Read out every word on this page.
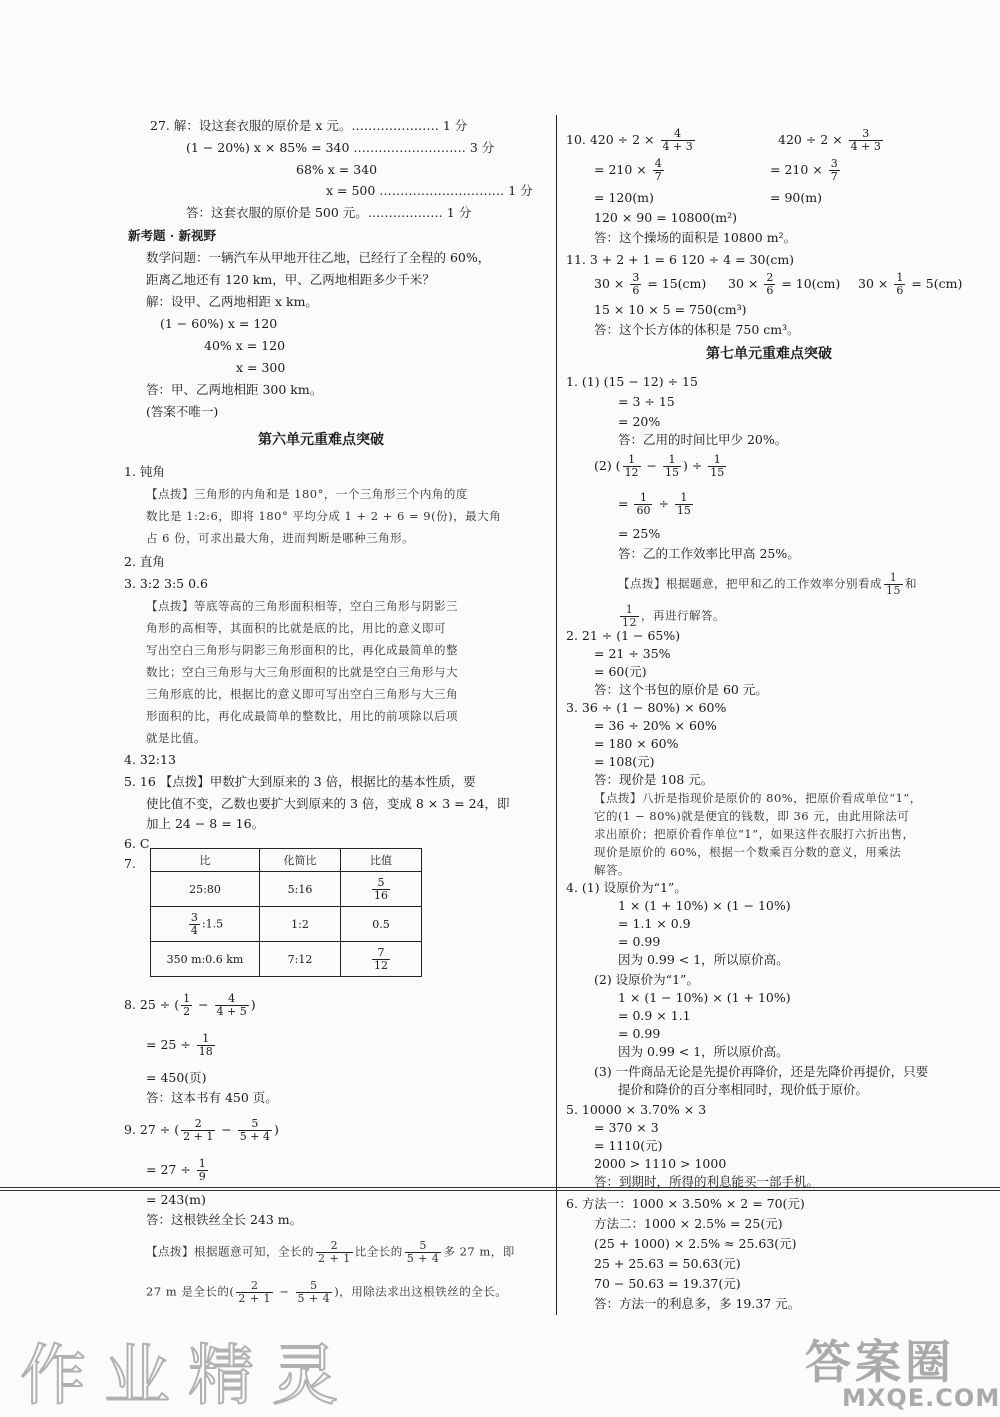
27. 解：设这套衣服的原价是 x 元。………………… 1 分
(1 − 20%) x × 85% = 340 ……………………… 3 分
68% x = 340
x = 500 ………………………… 1 分
答：这套衣服的原价是 500 元。……………… 1 分
新考题 · 新视野
数学问题：一辆汽车从甲地开往乙地，已经行了全程的 60%，
距离乙地还有 120 km，甲、乙两地相距多少千米？
解：设甲、乙两地相距 x km。
(1 − 60%) x = 120
40% x = 120
x = 300
答：甲、乙两地相距 300 km。
(答案不唯一)
第六单元重难点突破
1. 钝角
【点拨】三角形的内角和是 180°，一个三角形三个内角的度
数比是 1:2:6，即将 180° 平均分成 1 + 2 + 6 = 9(份)，最大角
占 6 份，可求出最大角，进而判断是哪种三角形。
2. 直角
3. 3:2 3:5 0.6
【点拨】等底等高的三角形面积相等，空白三角形与阴影三
角形的高相等，其面积的比就是底的比，用比的意义即可
写出空白三角形与阴影三角形面积的比，再化成最简单的整
数比；空白三角形与大三角形面积的比就是空白三角形与大
三角形底的比，根据比的意义即可写出空白三角形与大三角
形面积的比，再化成最简单的整数比，用比的前项除以后项
就是比值。
4. 32:13
5. 16 【点拨】甲数扩大到原来的 3 倍，根据比的基本性质，要
使比值不变，乙数也要扩大到原来的 3 倍，变成 8 × 3 = 24，即
加上 24 − 8 = 16。
6. C
7.	比	化简比	比值
25:80	5:16	$\frac{5}{16}$

$\frac{3}{4}$ :1.5	1:2	0.5
350 m:0.6 km	7:12	$\frac{7}{12}$
8. 25 ÷ ( $\frac{1}{2} - \frac{4}{4 + 5}$ )
= $25 \div \frac{1}{18}$
= 450(页)
答：这本书有 450 页。
9. 27 ÷ ( $\frac{2}{2 + 1} - \frac{5}{5 + 4}$ )
= $27 \div \frac{1}{9}$
= 243(m)
答：这根铁丝全长 243 m。
【点拨】根据题意可知，全长的 $\frac{2}{2 + 1}$ 比全长的 $\frac{5}{5 + 4}$ 多 27 m，即
27 m 是全长的( $\frac{2}{2 + 1} - \frac{5}{5 + 4}$ )，用除法求出这根铁丝的全长。
10. $420 \div 2 \times \frac{4}{4 + 3}$	$420 \div 2 \times \frac{3}{4 + 3}$
= $210 \times \frac{4}{7}$	= $210 \times \frac{3}{7}$
= 120(m)	= 90(m)
120 × 90 = 10800(m²)
答：这个操场的面积是 10800 m²。
11. 3 + 2 + 1 = 6 120 ÷ 4 = 30(cm)
$30 \times \frac{3}{6} = 15(cm) 30 \times \frac{2}{6} = 10(cm) 30 \times \frac{1}{6} = 5(cm)$
15 × 10 × 5 = 750(cm³)
答：这个长方体的体积是 750 cm³。
第七单元重难点突破
1. (1) (15 − 12) ÷ 15
= 3 ÷ 15
= 20%
答：乙用的时间比甲少 20%。
(2) ( $\frac{1}{12} - \frac{1}{15}$ ) ÷ $\frac{1}{15}$
= $\frac{1}{60} \div \frac{1}{15}$
= 25%
答：乙的工作效率比甲高 25%。
【点拨】根据题意，把甲和乙的工作效率分别看成 $\frac{1}{15}$ 和
$\frac{1}{12}$ ，再进行解答。
2. 21 ÷ (1 − 65%)
= 21 ÷ 35%
= 60(元)
答：这个书包的原价是 60 元。
3. 36 ÷ (1 − 80%) × 60%
= 36 ÷ 20% × 60%
= 180 × 60%
= 108(元)
答：现价是 108 元。
【点拨】八折是指现价是原价的 80%，把原价看成单位“1”，
它的(1 − 80%)就是便宜的钱数，即 36 元，由此用除法可
求出原价；把原价看作单位“1”，如果这件衣服打六折出售，
现价是原价的 60%，根据一个数乘百分数的意义，用乘法
解答。
4. (1) 设原价为“1”。
1 × (1 + 10%) × (1 − 10%)
= 1.1 × 0.9
= 0.99
因为 0.99 < 1，所以原价高。
(2) 设原价为“1”。
1 × (1 − 10%) × (1 + 10%)
= 0.9 × 1.1
= 0.99
因为 0.99 < 1，所以原价高。
(3) 一件商品无论是先提价再降价，还是先降价再提价，只要
提价和降价的百分率相同时，现价低于原价。
5. 10000 × 3.70% × 3
= 370 × 3
= 1110(元)
2000 > 1110 > 1000
答：到期时，所得的利息能买一部手机。
6. 方法一：1000 × 3.50% × 2 = 70(元)
方法二：1000 × 2.5% = 25(元)
(25 + 1000) × 2.5% ≈ 25.63(元)
25 + 25.63 = 50.63(元)
70 − 50.63 = 19.37(元)
答：方法一的利息多，多 19.37 元。
作业精灵	答案圈
MXQE.COM
